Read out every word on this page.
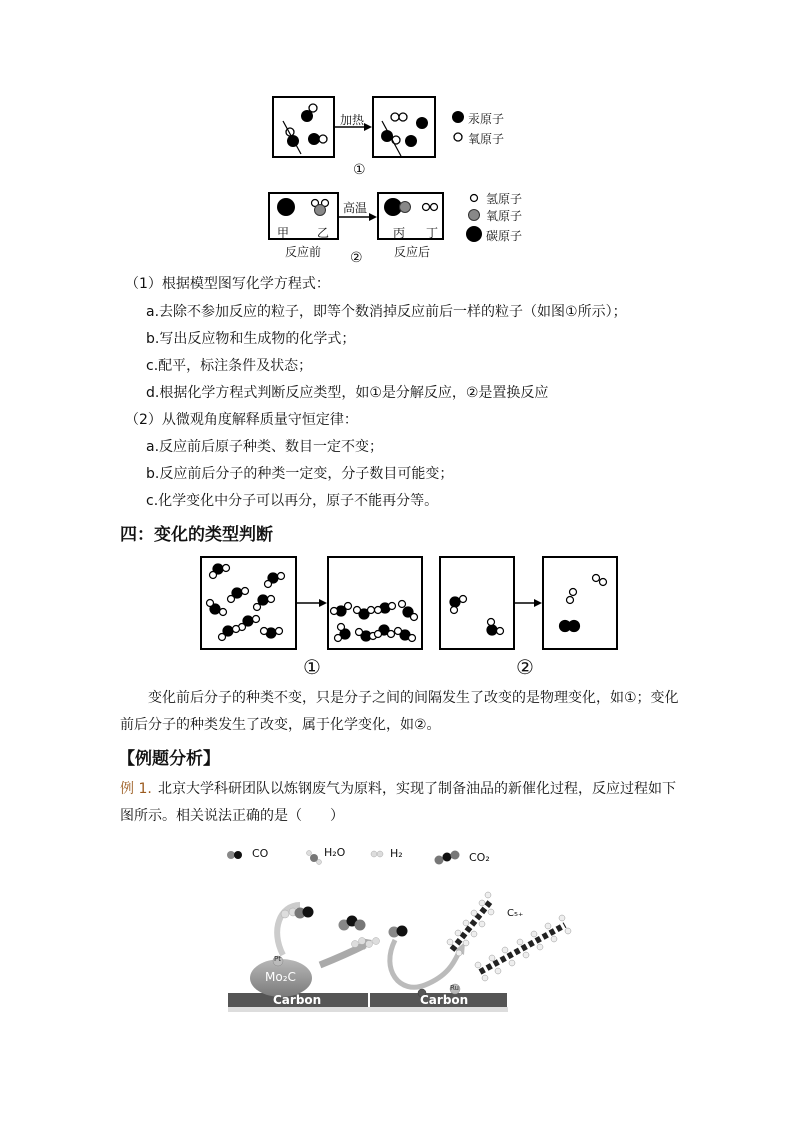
加热	汞原子
氧原子
①
高温
甲 乙	丙 丁
反应前 ②	反应后
氢原子
氧原子
碳原子
（1）根据模型图写化学方程式：
a.去除不参加反应的粒子，即等个数消掉反应前后一样的粒子（如图①所示）；
b.写出反应物和生成物的化学式；
c.配平，标注条件及状态；
d.根据化学方程式判断反应类型，如①是分解反应，②是置换反应
（2）从微观角度解释质量守恒定律：
a.反应前后原子种类、数目一定不变；
b.反应前后分子的种类一定变，分子数目可能变；
c.化学变化中分子可以再分，原子不能再分等。
四：变化的类型判断
①	②
变化前后分子的种类不变，只是分子之间的间隔发生了改变的是物理变化，如①；变化
前后分子的种类发生了改变，属于化学变化，如②。
【例题分析】
例 1. 北京大学科研团队以炼钢废气为原料，实现了制备油品的新催化过程，反应过程如下
图所示。相关说法正确的是（　　）
CO	H₂O	H₂	CO₂
Pt
Ru
Mo₂C
C₅₊
Carbon	Carbon
